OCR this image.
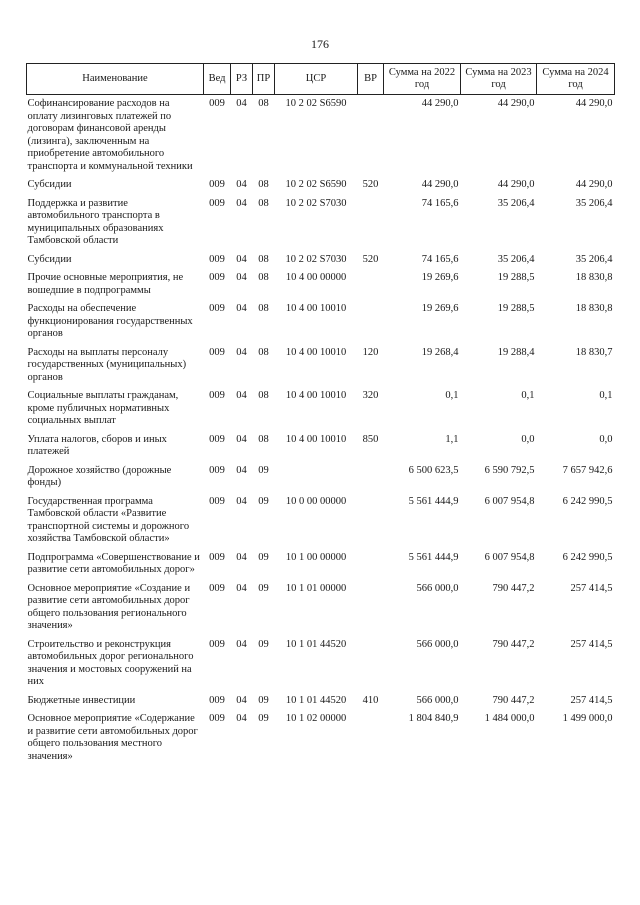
176
Наименование	Вед	РЗ	ПР	ЦСР	ВР	Сумма на 2022 год	Сумма на 2023 год	Сумма на 2024 год
Софинансирование расходов на оплату лизинговых платежей по договорам финансовой аренды (лизинга), заключенным на приобретение автомобильного транспорта и коммунальной техники	009	04	08	10 2 02 S6590		44 290,0	44 290,0	44 290,0
Субсидии	009	04	08	10 2 02 S6590	520	44 290,0	44 290,0	44 290,0
Поддержка и развитие автомобильного транспорта в муниципальных образованиях Тамбовской области	009	04	08	10 2 02 S7030		74 165,6	35 206,4	35 206,4
Субсидии	009	04	08	10 2 02 S7030	520	74 165,6	35 206,4	35 206,4
Прочие основные мероприятия, не вошедшие в подпрограммы	009	04	08	10 4 00 00000		19 269,6	19 288,5	18 830,8
Расходы на обеспечение функционирования государственных органов	009	04	08	10 4 00 10010		19 269,6	19 288,5	18 830,8
Расходы на выплаты персоналу государственных (муниципальных) органов	009	04	08	10 4 00 10010	120	19 268,4	19 288,4	18 830,7
Социальные выплаты гражданам, кроме публичных нормативных социальных выплат	009	04	08	10 4 00 10010	320	0,1	0,1	0,1
Уплата налогов, сборов и иных платежей	009	04	08	10 4 00 10010	850	1,1	0,0	0,0
Дорожное хозяйство (дорожные фонды)	009	04	09			6 500 623,5	6 590 792,5	7 657 942,6
Государственная программа Тамбовской области «Развитие транспортной системы и дорожного хозяйства Тамбовской области»	009	04	09	10 0 00 00000		5 561 444,9	6 007 954,8	6 242 990,5
Подпрограмма «Совершенствование и развитие сети автомобильных дорог»	009	04	09	10 1 00 00000		5 561 444,9	6 007 954,8	6 242 990,5
Основное мероприятие «Создание и развитие сети автомобильных дорог общего пользования регионального значения»	009	04	09	10 1 01 00000		566 000,0	790 447,2	257 414,5
Строительство и реконструкция автомобильных дорог регионального значения и мостовых сооружений на них	009	04	09	10 1 01 44520		566 000,0	790 447,2	257 414,5
Бюджетные инвестиции	009	04	09	10 1 01 44520	410	566 000,0	790 447,2	257 414,5
Основное мероприятие «Содержание и развитие сети автомобильных дорог общего пользования местного значения»	009	04	09	10 1 02 00000		1 804 840,9	1 484 000,0	1 499 000,0
